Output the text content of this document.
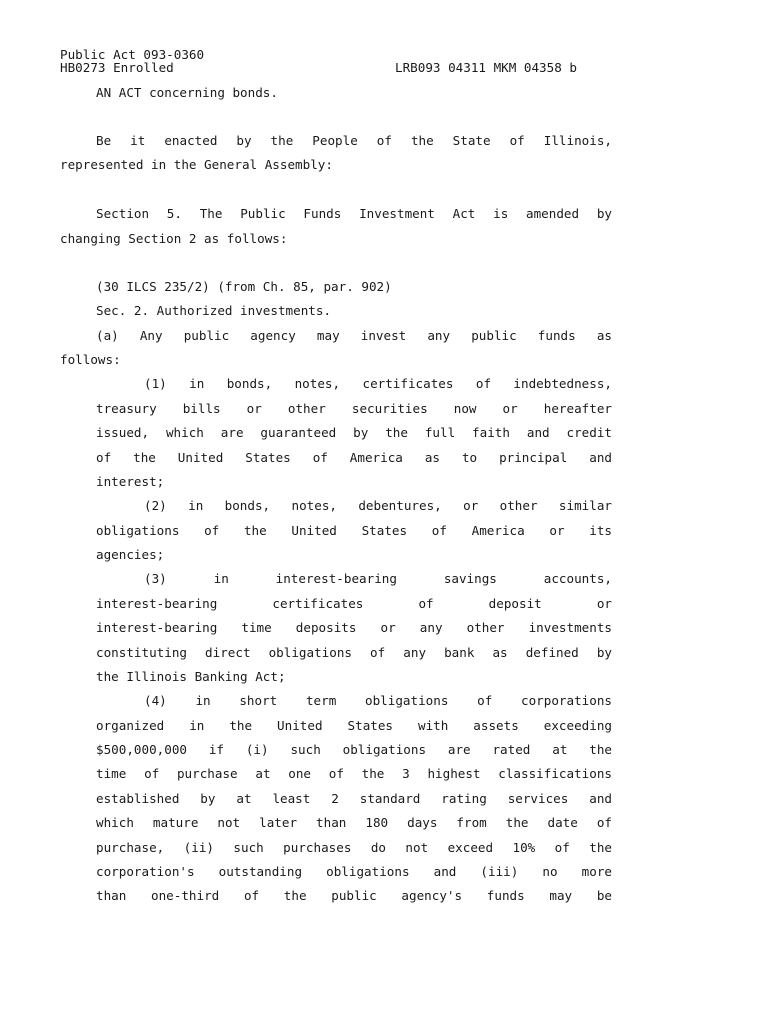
Public Act 093-0360
HB0273 Enrolled	LRB093 04311 MKM 04358 b
AN ACT concerning bonds.
Be it enacted by the People of the State of Illinois,
represented in the General Assembly:
Section 5. The Public Funds Investment Act is amended by
changing Section 2 as follows:
(30 ILCS 235/2) (from Ch. 85, par. 902)
Sec. 2. Authorized investments.
(a) Any public agency may invest any public funds as
follows:
(1) in bonds, notes, certificates of indebtedness,
treasury bills or other securities now or hereafter
issued, which are guaranteed by the full faith and credit
of the United States of America as to principal and
interest;
(2) in bonds, notes, debentures, or other similar
obligations of the United States of America or its
agencies;
(3) in interest-bearing savings accounts,
interest-bearing certificates of deposit or
interest-bearing time deposits or any other investments
constituting direct obligations of any bank as defined by
the Illinois Banking Act;
(4) in short term obligations of corporations
organized in the United States with assets exceeding
$500,000,000 if (i) such obligations are rated at the
time of purchase at one of the 3 highest classifications
established by at least 2 standard rating services and
which mature not later than 180 days from the date of
purchase, (ii) such purchases do not exceed 10% of the
corporation's outstanding obligations and (iii) no more
than one-third of the public agency's funds may be
